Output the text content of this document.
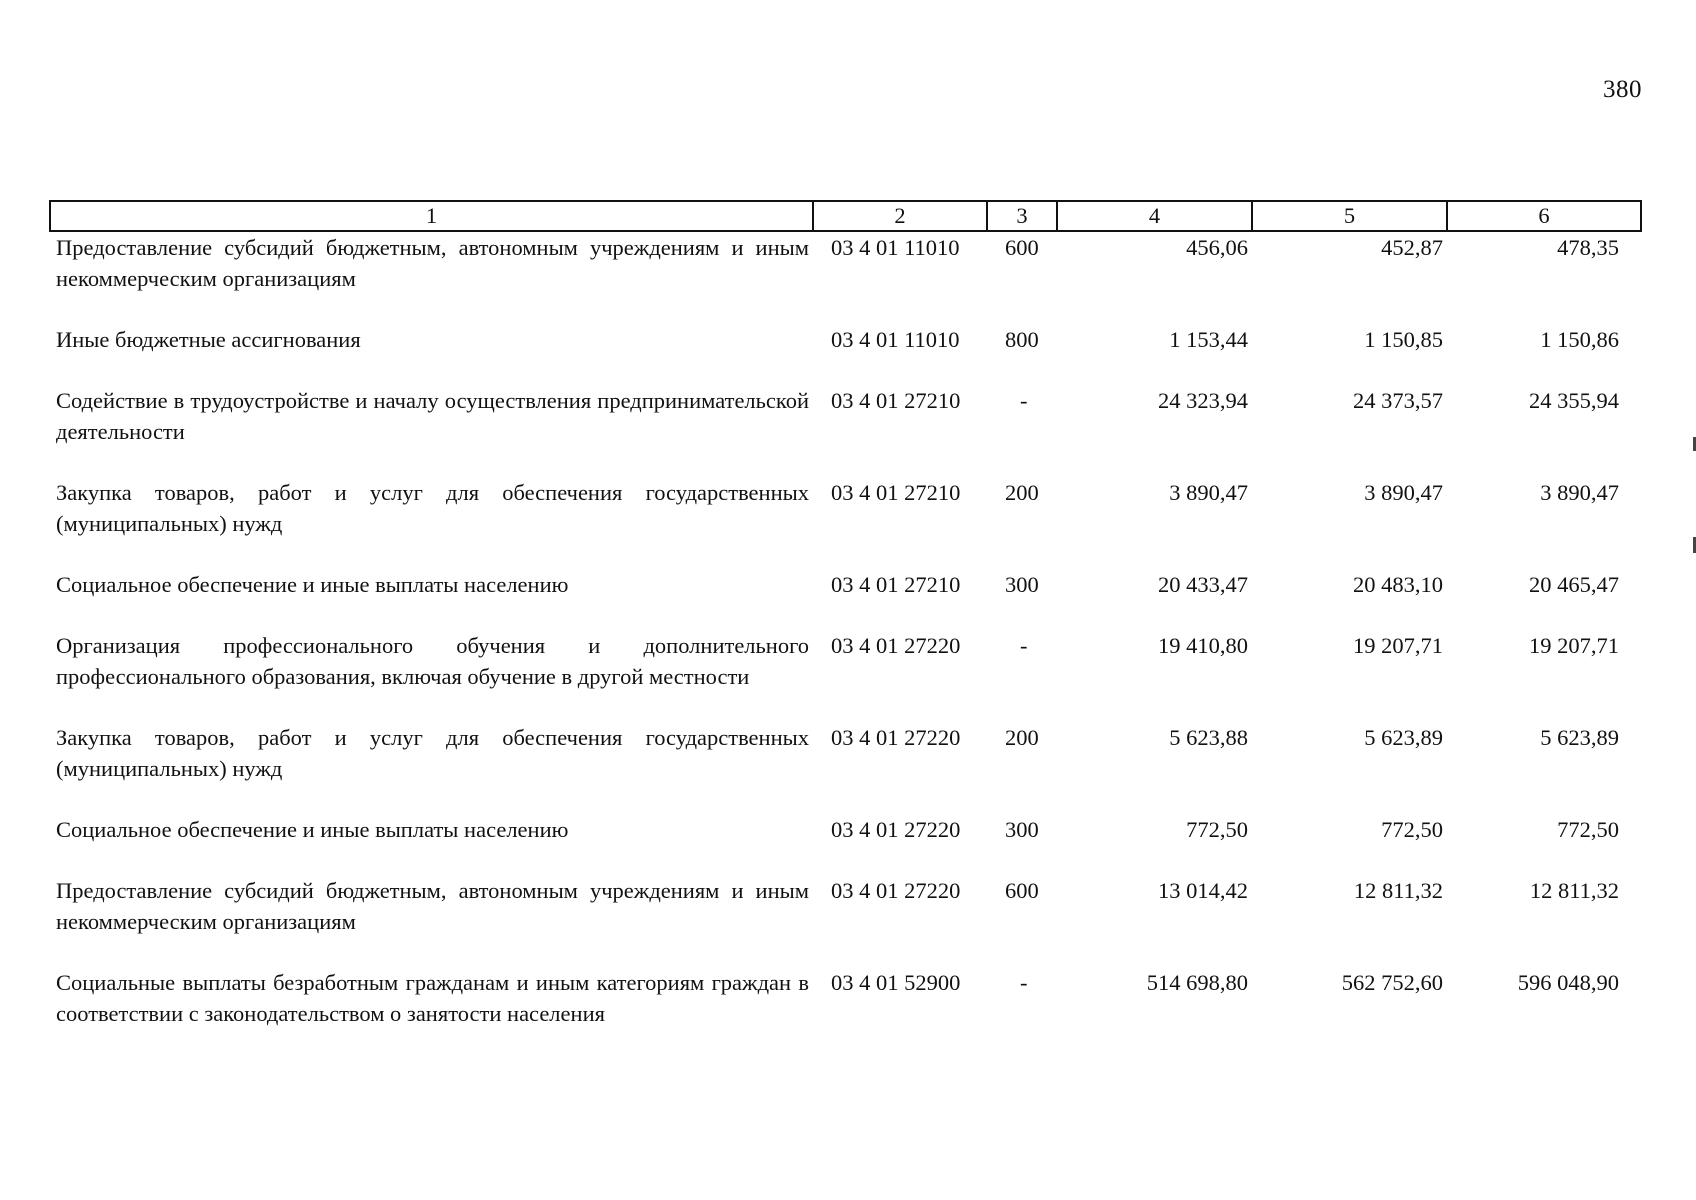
380
1	2	3	4	5	6
Предоставление субсидий бюджетным, автономным учреждениям и иным некоммерческим организациям	03 4 01 11010	600	456,06	452,87	478,35
Иные бюджетные ассигнования	03 4 01 11010	800	1 153,44	1 150,85	1 150,86
Содействие в трудоустройстве и началу осуществления предпринимательской деятельности	03 4 01 27210	-	24 323,94	24 373,57	24 355,94
Закупка товаров, работ и услуг для обеспечения государственных (муниципальных) нужд	03 4 01 27210	200	3 890,47	3 890,47	3 890,47
Социальное обеспечение и иные выплаты населению	03 4 01 27210	300	20 433,47	20 483,10	20 465,47
Организация профессионального обучения и дополнительного профессионального образования, включая обучение в другой местности	03 4 01 27220	-	19 410,80	19 207,71	19 207,71
Закупка товаров, работ и услуг для обеспечения государственных (муниципальных) нужд	03 4 01 27220	200	5 623,88	5 623,89	5 623,89
Социальное обеспечение и иные выплаты населению	03 4 01 27220	300	772,50	772,50	772,50
Предоставление субсидий бюджетным, автономным учреждениям и иным некоммерческим организациям	03 4 01 27220	600	13 014,42	12 811,32	12 811,32
Социальные выплаты безработным гражданам и иным категориям граждан в соответствии с законодательством о занятости населения	03 4 01 52900	-	514 698,80	562 752,60	596 048,90
